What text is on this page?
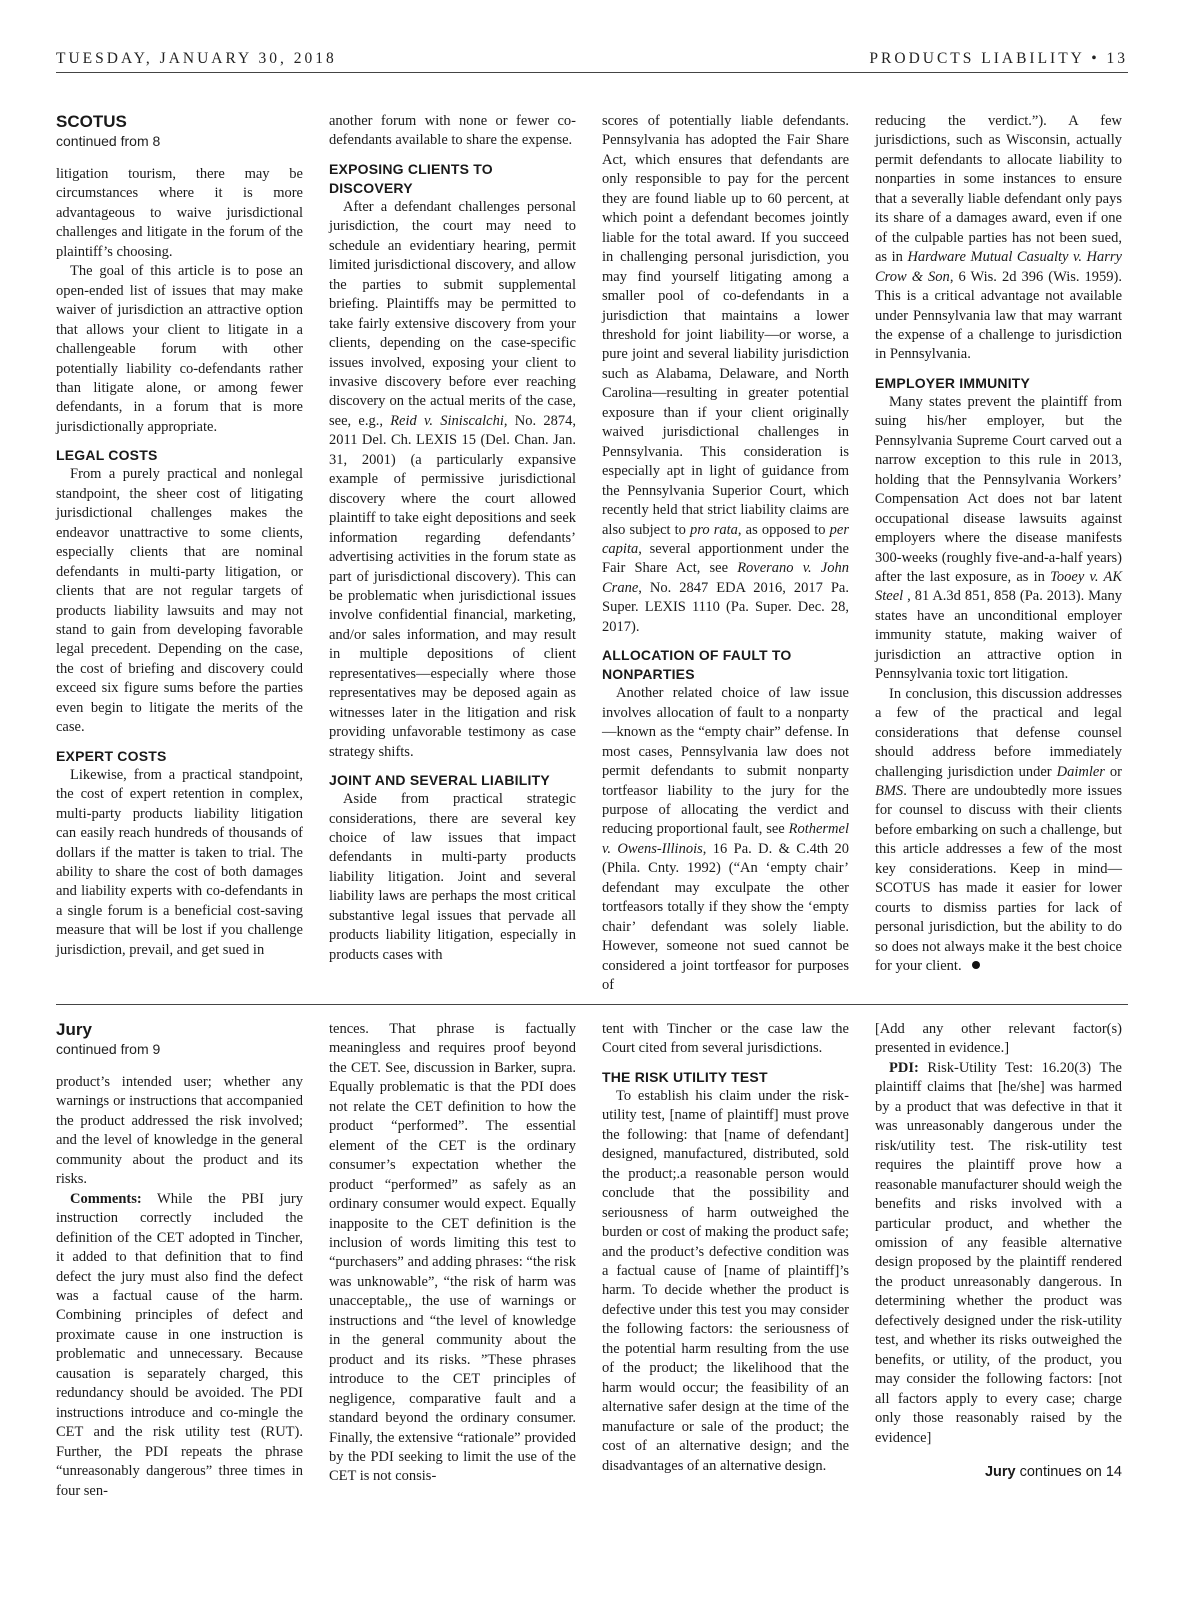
TUESDAY, JANUARY 30, 2018	PRODUCTS LIABILITY • 13
SCOTUS
continued from 8

litigation tourism, there may be circumstances where it is more advantageous to waive jurisdictional challenges and litigate in the forum of the plaintiff’s choosing.

The goal of this article is to pose an open-ended list of issues that may make waiver of jurisdiction an attractive option that allows your client to litigate in a challengeable forum with other potentially liability co-defendants rather than litigate alone, or among fewer defendants, in a forum that is more jurisdictionally appropriate.

LEGAL COSTS

From a purely practical and nonlegal standpoint, the sheer cost of litigating jurisdictional challenges makes the endeavor unattractive to some clients, especially clients that are nominal defendants in multi-party litigation, or clients that are not regular targets of products liability lawsuits and may not stand to gain from developing favorable legal precedent. Depending on the case, the cost of briefing and discovery could exceed six figure sums before the parties even begin to litigate the merits of the case.

EXPERT COSTS

Likewise, from a practical standpoint, the cost of expert retention in complex, multi-party products liability litigation can easily reach hundreds of thousands of dollars if the matter is taken to trial. The ability to share the cost of both damages and liability experts with co-defendants in a single forum is a beneficial cost-saving measure that will be lost if you challenge jurisdiction, prevail, and get sued in

another forum with none or fewer co-defendants available to share the expense.

EXPOSING CLIENTS TO DISCOVERY

After a defendant challenges personal jurisdiction, the court may need to schedule an evidentiary hearing, permit limited jurisdictional discovery, and allow the parties to submit supplemental briefing. Plaintiffs may be permitted to take fairly extensive discovery from your clients, depending on the case-specific issues involved, exposing your client to invasive discovery before ever reaching discovery on the actual merits of the case, see, e.g., Reid v. Siniscalchi, No. 2874, 2011 Del. Ch. LEXIS 15 (Del. Chan. Jan. 31, 2001) (a particularly expansive example of permissive jurisdictional discovery where the court allowed plaintiff to take eight depositions and seek information regarding defendants’ advertising activities in the forum state as part of jurisdictional discovery). This can be problematic when jurisdictional issues involve confidential financial, marketing, and/or sales information, and may result in multiple depositions of client representatives—especially where those representatives may be deposed again as witnesses later in the litigation and risk providing unfavorable testimony as case strategy shifts.

JOINT AND SEVERAL LIABILITY

Aside from practical strategic considerations, there are several key choice of law issues that impact defendants in multi-party products liability litigation. Joint and several liability laws are perhaps the most critical substantive legal issues that pervade all products liability litigation, especially in products cases with

scores of potentially liable defendants. Pennsylvania has adopted the Fair Share Act, which ensures that defendants are only responsible to pay for the percent they are found liable up to 60 percent, at which point a defendant becomes jointly liable for the total award. If you succeed in challenging personal jurisdiction, you may find yourself litigating among a smaller pool of co-defendants in a jurisdiction that maintains a lower threshold for joint liability—or worse, a pure joint and several liability jurisdiction such as Alabama, Delaware, and North Carolina—resulting in greater potential exposure than if your client originally waived jurisdictional challenges in Pennsylvania. This consideration is especially apt in light of guidance from the Pennsylvania Superior Court, which recently held that strict liability claims are also subject to pro rata, as opposed to per capita, several apportionment under the Fair Share Act, see Roverano v. John Crane, No. 2847 EDA 2016, 2017 Pa. Super. LEXIS 1110 (Pa. Super. Dec. 28, 2017).

ALLOCATION OF FAULT TO NONPARTIES

Another related choice of law issue involves allocation of fault to a nonparty—known as the “empty chair” defense. In most cases, Pennsylvania law does not permit defendants to submit nonparty tortfeasor liability to the jury for the purpose of allocating the verdict and reducing proportional fault, see Rothermel v. Owens-Illinois, 16 Pa. D. & C.4th 20 (Phila. Cnty. 1992) (“An ‘empty chair’ defendant may exculpate the other tortfeasors totally if they show the ‘empty chair’ defendant was solely liable. However, someone not sued cannot be considered a joint tortfeasor for purposes of

reducing the verdict.”). A few jurisdictions, such as Wisconsin, actually permit defendants to allocate liability to nonparties in some instances to ensure that a severally liable defendant only pays its share of a damages award, even if one of the culpable parties has not been sued, as in Hardware Mutual Casualty v. Harry Crow & Son, 6 Wis. 2d 396 (Wis. 1959). This is a critical advantage not available under Pennsylvania law that may warrant the expense of a challenge to jurisdiction in Pennsylvania.

EMPLOYER IMMUNITY

Many states prevent the plaintiff from suing his/her employer, but the Pennsylvania Supreme Court carved out a narrow exception to this rule in 2013, holding that the Pennsylvania Workers’ Compensation Act does not bar latent occupational disease lawsuits against employers where the disease manifests 300-weeks (roughly five-and-a-half years) after the last exposure, as in Tooey v. AK Steel , 81 A.3d 851, 858 (Pa. 2013). Many states have an unconditional employer immunity statute, making waiver of jurisdiction an attractive option in Pennsylvania toxic tort litigation.

In conclusion, this discussion addresses a few of the practical and legal considerations that defense counsel should address before immediately challenging jurisdiction under Daimler or BMS. There are undoubtedly more issues for counsel to discuss with their clients before embarking on such a challenge, but this article addresses a few of the most key considerations. Keep in mind—SCOTUS has made it easier for lower courts to dismiss parties for lack of personal jurisdiction, but the ability to do so does not always make it the best choice for your client.

Jury
continued from 9

product’s intended user; whether any warnings or instructions that accompanied the product addressed the risk involved; and the level of knowledge in the general community about the product and its risks.

Comments: While the PBI jury instruction correctly included the definition of the CET adopted in Tincher, it added to that definition that to find defect the jury must also find the defect was a factual cause of the harm. Combining principles of defect and proximate cause in one instruction is problematic and unnecessary. Because causation is separately charged, this redundancy should be avoided. The PDI instructions introduce and co-mingle the CET and the risk utility test (RUT). Further, the PDI repeats the phrase “unreasonably dangerous” three times in four sen-

tences. That phrase is factually meaningless and requires proof beyond the CET. See, discussion in Barker, supra. Equally problematic is that the PDI does not relate the CET definition to how the product “performed”. The essential element of the CET is the ordinary consumer’s expectation whether the product “performed” as safely as an ordinary consumer would expect. Equally inapposite to the CET definition is the inclusion of words limiting this test to “purchasers” and adding phrases: “the risk was unknowable”, “the risk of harm was unacceptable,, the use of warnings or instructions and “the level of knowledge in the general community about the product and its risks. ”These phrases introduce to the CET principles of negligence, comparative fault and a standard beyond the ordinary consumer. Finally, the extensive “rationale” provided by the PDI seeking to limit the use of the CET is not consis-

tent with Tincher or the case law the Court cited from several jurisdictions.

THE RISK UTILITY TEST

To establish his claim under the risk-utility test, [name of plaintiff] must prove the following: that [name of defendant] designed, manufactured, distributed, sold the product;.a reasonable person would conclude that the possibility and seriousness of harm outweighed the burden or cost of making the product safe; and the product’s defective condition was a factual cause of [name of plaintiff]’s harm. To decide whether the product is defective under this test you may consider the following factors: the seriousness of the potential harm resulting from the use of the product; the likelihood that the harm would occur; the feasibility of an alternative safer design at the time of the manufacture or sale of the product; the cost of an alternative design; and the disadvantages of an alternative design.

[Add any other relevant factor(s) presented in evidence.]

PDI: Risk-Utility Test: 16.20(3) The plaintiff claims that [he/she] was harmed by a product that was defective in that it was unreasonably dangerous under the risk/utility test. The risk-utility test requires the plaintiff prove how a reasonable manufacturer should weigh the benefits and risks involved with a particular product, and whether the omission of any feasible alternative design proposed by the plaintiff rendered the product unreasonably dangerous. In determining whether the product was defectively designed under the risk-utility test, and whether its risks outweighed the benefits, or utility, of the product, you may consider the following factors: [not all factors apply to every case; charge only those reasonably raised by the evidence]

Jury continues on 14
